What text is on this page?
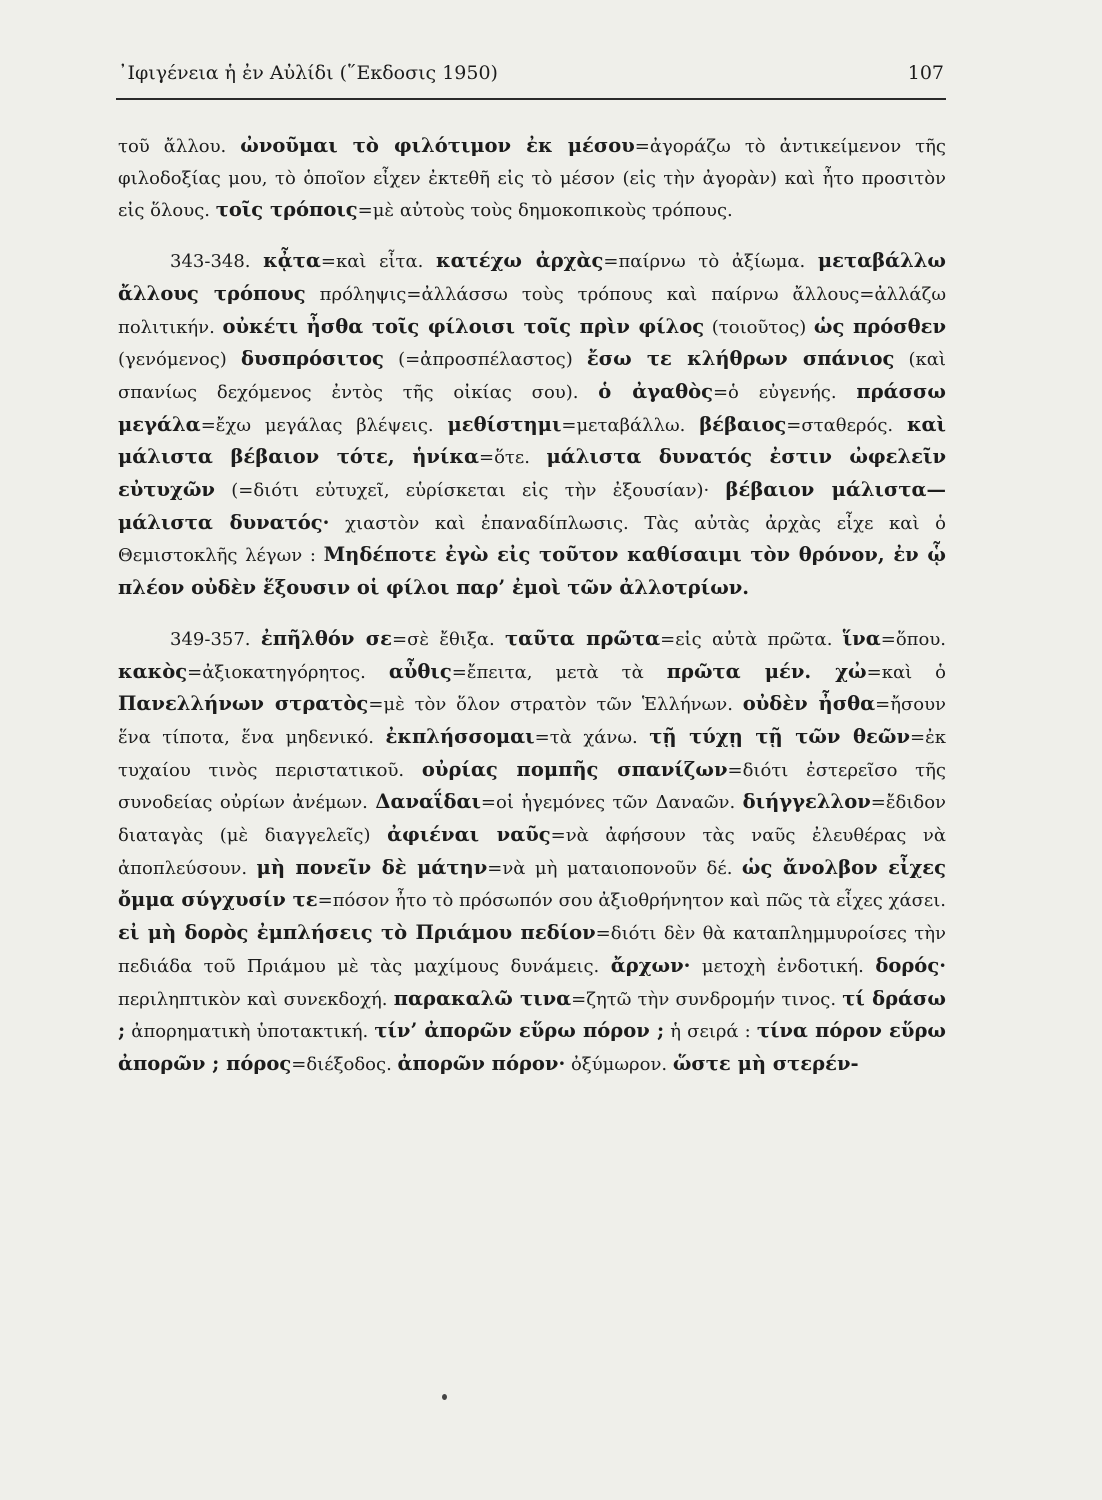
᾿Ιφιγένεια ἡ ἐν Αὐλίδι (῞Εκδοσις 1950)	107

τοῦ ἄλλου. ὠνοῦμαι τὸ φιλότιμον ἐκ μέσου=ἀγοράζω τὸ ἀντικείμενον τῆς φιλοδοξίας μου, τὸ ὁποῖον εἶχεν ἐκτεθῆ εἰς τὸ μέσον (εἰς τὴν ἀγορὰν) καὶ ἦτο προσιτὸν εἰς ὅλους. τοῖς τρόποις=μὲ αὐτοὺς τοὺς δημοκοπικοὺς τρόπους.

343-348. κᾆτα=καὶ εἶτα. κατέχω ἀρχὰς=παίρνω τὸ ἀξίωμα. μεταβάλλω ἄλλους τρόπους πρόληψις=ἀλλάσσω τοὺς τρόπους καὶ παίρνω ἄλλους=ἀλλάζω πολιτικήν. οὐκέτι ἦσθα τοῖς φίλοισι τοῖς πρὶν φίλος (τοιοῦτος) ὡς πρόσθεν (γενόμενος) δυσπρόσιτος (=ἀπροσπέλαστος) ἔσω τε κλήθρων σπάνιος (καὶ σπανίως δεχόμενος ἐντὸς τῆς οἰκίας σου). ὁ ἀγαθὸς=ὁ εὐγενής. πράσσω μεγάλα=ἔχω μεγάλας βλέψεις. μεθίστημι=μεταβάλλω. βέβαιος=σταθερός. καὶ μάλιστα βέβαιον τότε, ἡνίκα=ὅτε. μάλιστα δυνατός ἐστιν ὠφελεῖν εὐτυχῶν (=διότι εὐτυχεῖ, εὑρίσκεται εἰς τὴν ἐξουσίαν)· βέβαιον μάλιστα—μάλιστα δυνατός· χιαστὸν καὶ ἐπαναδίπλωσις. Τὰς αὐτὰς ἀρχὰς εἶχε καὶ ὁ Θεμιστοκλῆς λέγων : Μηδέποτε ἐγὼ εἰς τοῦτον καθίσαιμι τὸν θρόνον, ἐν ᾧ πλέον οὐδὲν ἕξουσιν οἱ φίλοι παρ’ ἐμοὶ τῶν ἀλλοτρίων.

349-357. ἐπῆλθόν σε=σὲ ἔθιξα. ταῦτα πρῶτα=εἰς αὐτὰ πρῶτα. ἵνα=ὅπου. κακὸς=ἀξιοκατηγόρητος. αὖθις=ἔπειτα, μετὰ τὰ πρῶτα μέν. χὠ=καὶ ὁ Πανελλήνων στρατὸς=μὲ τὸν ὅλον στρατὸν τῶν Ἑλλήνων. οὐδὲν ἦσθα=ἤσουν ἕνα τίποτα, ἕνα μηδενικό. ἐκπλήσσομαι=τὰ χάνω. τῇ τύχῃ τῇ τῶν θεῶν=ἐκ τυχαίου τινὸς περιστατικοῦ. οὐρίας πομπῆς σπανίζων=διότι ἐστερεῖσο τῆς συνοδείας οὐρίων ἀνέμων. Δαναΐδαι=οἱ ἡγεμόνες τῶν Δαναῶν. διήγγελλον=ἔδιδον διαταγὰς (μὲ διαγγελεῖς) ἀφιέναι ναῦς=νὰ ἀφήσουν τὰς ναῦς ἐλευθέρας νὰ ἀποπλεύσουν. μὴ πονεῖν δὲ μάτην=νὰ μὴ ματαιοπονοῦν δέ. ὡς ἄνολβον εἶχες ὄμμα σύγχυσίν τε=πόσον ἦτο τὸ πρόσωπόν σου ἀξιοθρήνητον καὶ πῶς τὰ εἶχες χάσει. εἰ μὴ δορὸς ἐμπλήσεις τὸ Πριάμου πεδίον=διότι δὲν θὰ καταπλημμυροίσες τὴν πεδιάδα τοῦ Πριάμου μὲ τὰς μαχίμους δυνάμεις. ἄρχων· μετοχὴ ἐνδοτική. δορός· περιληπτικὸν καὶ συνεκδοχή. παρακαλῶ τινα=ζητῶ τὴν συνδρομήν τινος. τί δράσω ; ἀπορηματικὴ ὑποτακτική. τίν’ ἀπορῶν εὕρω πόρον ; ἡ σειρά : τίνα πόρον εὕρω ἀπορῶν ; πόρος=διέξοδος. ἀπορῶν πόρον· ὀξύμωρον. ὥστε μὴ στερέν-
